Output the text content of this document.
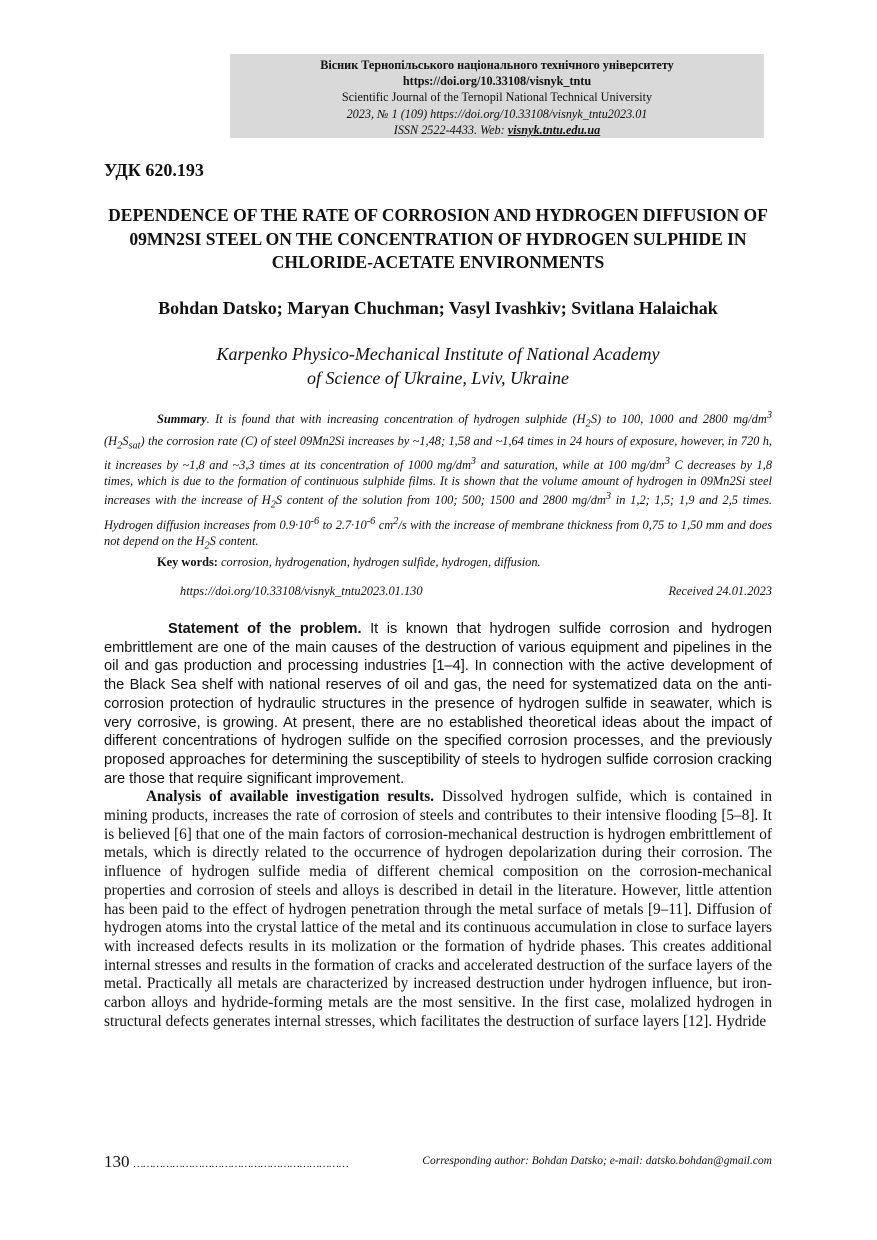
Вісник Тернопільського національного технічного університету
https://doi.org/10.33108/visnyk_tntu
Scientific Journal of the Ternopil National Technical University
2023, № 1 (109) https://doi.org/10.33108/visnyk_tntu2023.01
ISSN 2522-4433. Web: visnyk.tntu.edu.ua
УДК 620.193
DEPENDENCE OF THE RATE OF CORROSION AND HYDROGEN DIFFUSION OF 09MN2SI STEEL ON THE CONCENTRATION OF HYDROGEN SULPHIDE IN CHLORIDE-ACETATE ENVIRONMENTS
Bohdan Datsko; Maryan Chuchman; Vasyl Ivashkiv; Svitlana Halaichak
Karpenko Physico-Mechanical Institute of National Academy
of Science of Ukraine, Lviv, Ukraine

Summary. It is found that with increasing concentration of hydrogen sulphide $(H_2S)$ to 100, 1000 and 2800 $mg/dm^3$ $(H_2S_{sat})$ the corrosion rate (C) of steel 09Mn2Si increases by ~1,48; 1,58 and ~1,64 times in 24 hours of exposure, however, in 720 h, it increases by ~1,8 and ~3,3 times at its concentration of 1000 $mg/dm^3$ and saturation, while at 100 $mg/dm^3$ C decreases by 1,8 times, which is due to the formation of continuous sulphide films. It is shown that the volume amount of hydrogen in 09Mn2Si steel increases with the increase of $H_2S$ content of the solution from 100; 500; 1500 and 2800 $mg/dm^3$ in 1,2; 1,5; 1,9 and 2,5 times. Hydrogen diffusion increases from $0.9\cdot 10^{-6}$ to $2.7\cdot 10^{-6}$ $cm^2/s$ with the increase of membrane thickness from 0,75 to 1,50 mm and does not depend on the $H_2S$ content.

Key words: corrosion, hydrogenation, hydrogen sulfide, hydrogen, diffusion.

https://doi.org/10.33108/visnyk_tntu2023.01.130	Received 24.01.2023

Statement of the problem. It is known that hydrogen sulfide corrosion and hydrogen embrittlement are one of the main causes of the destruction of various equipment and pipelines in the oil and gas production and processing industries [1–4]. In connection with the active development of the Black Sea shelf with national reserves of oil and gas, the need for systematized data on the anti-corrosion protection of hydraulic structures in the presence of hydrogen sulfide in seawater, which is very corrosive, is growing. At present, there are no established theoretical ideas about the impact of different concentrations of hydrogen sulfide on the specified corrosion processes, and the previously proposed approaches for determining the susceptibility of steels to hydrogen sulfide corrosion cracking are those that require significant improvement.

Analysis of available investigation results. Dissolved hydrogen sulfide, which is contained in mining products, increases the rate of corrosion of steels and contributes to their intensive flooding [5–8]. It is believed [6] that one of the main factors of corrosion-mechanical destruction is hydrogen embrittlement of metals, which is directly related to the occurrence of hydrogen depolarization during their corrosion. The influence of hydrogen sulfide media of different chemical composition on the corrosion-mechanical properties and corrosion of steels and alloys is described in detail in the literature. However, little attention has been paid to the effect of hydrogen penetration through the metal surface of metals [9–11]. Diffusion of hydrogen atoms into the crystal lattice of the metal and its continuous accumulation in close to surface layers with increased defects results in its molization or the formation of hydride phases. This creates additional internal stresses and results in the formation of cracks and accelerated destruction of the surface layers of the metal. Practically all metals are characterized by increased destruction under hydrogen influence, but iron-carbon alloys and hydride-forming metals are the most sensitive. In the first case, molalized hydrogen in structural defects generates internal stresses, which facilitates the destruction of surface layers [12]. Hydride

130 …………………………………………………………	Corresponding author: Bohdan Datsko; e-mail: datsko.bohdan@gmail.com
